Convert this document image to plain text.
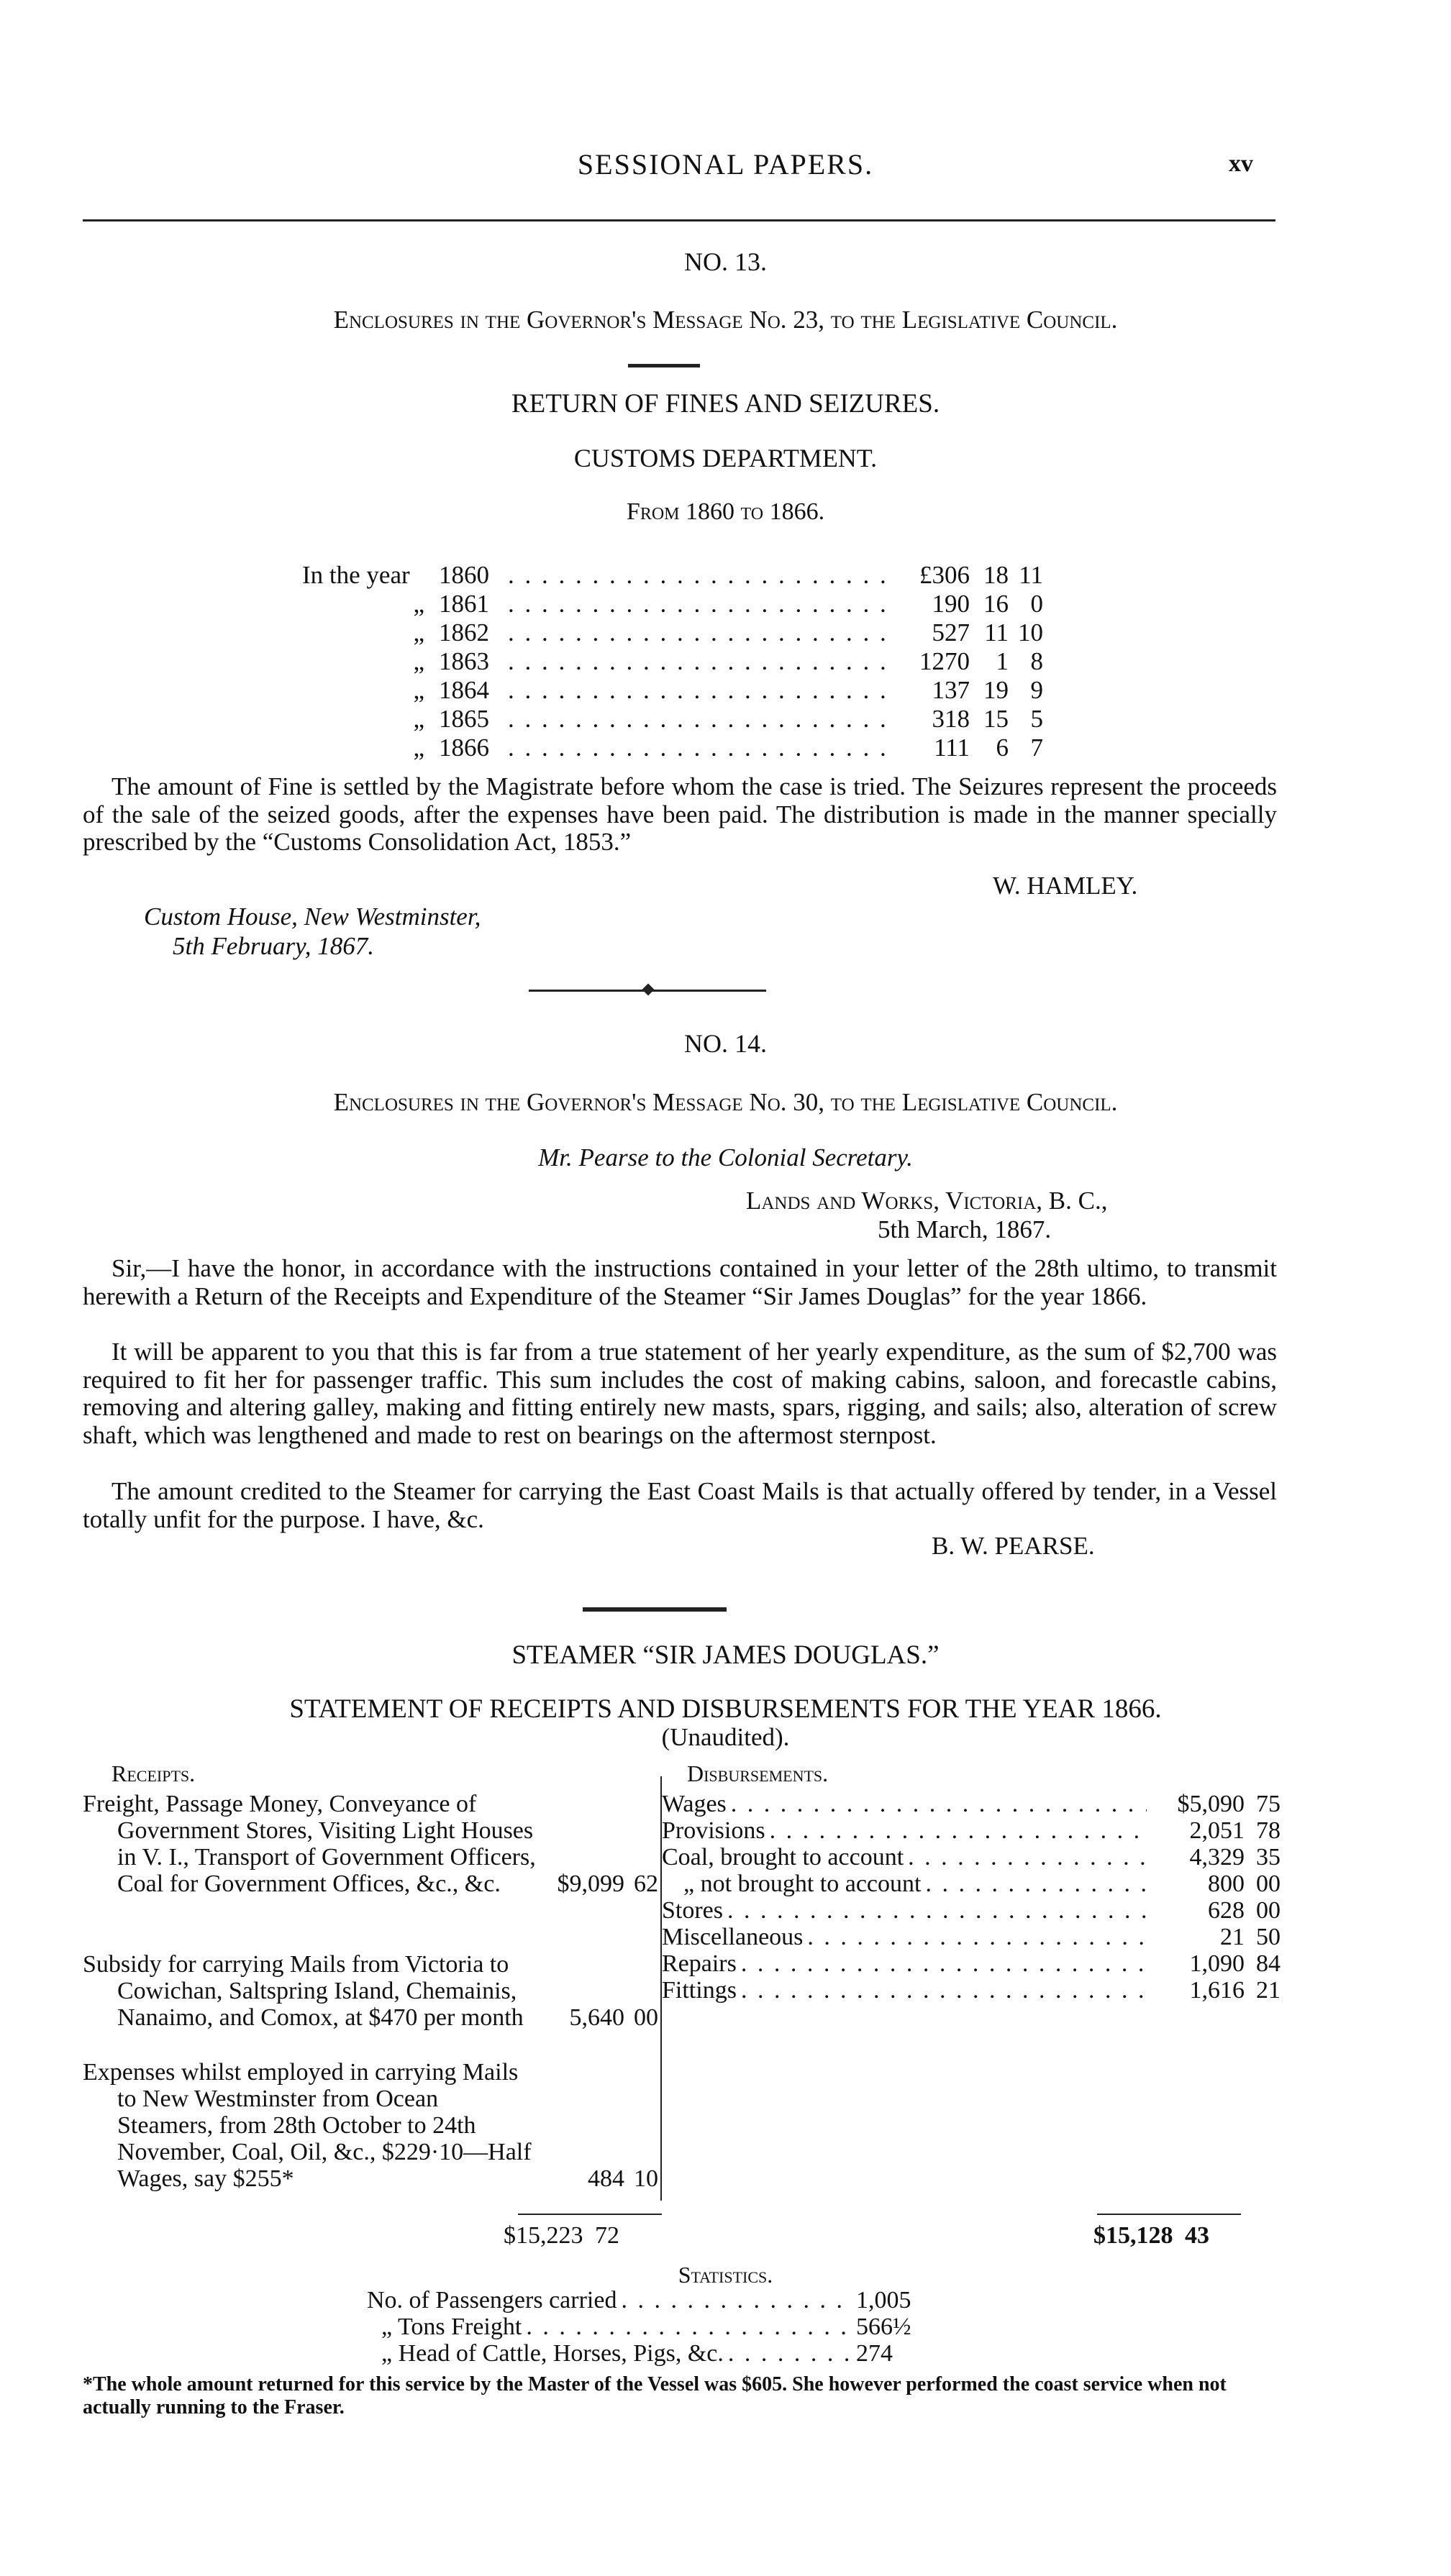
SESSIONAL PAPERS.	xv
NO. 13.
Enclosures in the Governor's Message No. 23, to the Legislative Council.
RETURN OF FINES AND SEIZURES.
CUSTOMS DEPARTMENT.
From 1860 to 1866.
In the year	1860 . . .	£306 18 11
„ 1861 . . .	190 16 0
„ 1862 . . .	527 11 10
„ 1863 . . .	1270	1 8
„ 1864 . . .	137 19 9
„ 1865 . . .	318 15 5
„ 1866 . . .	111	6 7
The amount of Fine is settled by the Magistrate before whom the case is tried. The Seizures represent the proceeds of the sale of the seized goods, after the expenses have been paid. The distribution is made in the manner specially prescribed by the “Customs Consolidation Act, 1853.”
W. HAMLEY.
Custom House, New Westminster,
5th February, 1867.
NO. 14.
Enclosures in the Governor's Message No. 30, to the Legislative Council.
Mr. Pearse to the Colonial Secretary.
Lands and Works, Victoria, B. C.,
5th March, 1867.
Sir,—I have the honor, in accordance with the instructions contained in your letter of the 28th ultimo, to transmit herewith a Return of the Receipts and Expenditure of the Steamer “Sir James Douglas” for the year 1866.
It will be apparent to you that this is far from a true statement of her yearly expenditure, as the sum of $2,700 was required to fit her for passenger traffic. This sum includes the cost of making cabins, saloon, and forecastle cabins, removing and altering galley, making and fitting entirely new masts, spars, rigging, and sails; also, alteration of screw shaft, which was lengthened and made to rest on bearings on the aftermost sternpost.
The amount credited to the Steamer for carrying the East Coast Mails is that actually offered by tender, in a Vessel totally unfit for the purpose. I have, &c.
B. W. PEARSE.
STEAMER “SIR JAMES DOUGLAS.”
STATEMENT OF RECEIPTS AND DISBURSEMENTS FOR THE YEAR 1866.
(Unaudited).
Receipts.
Freight, Passage Money, Conveyance of Government Stores, Visiting Light Houses in V. I., Transport of Government Officers, Coal for Government Offices, &c., &c.	$9,099 62
Subsidy for carrying Mails from Victoria to Cowichan, Saltspring Island, Chemainis, Nanaimo, and Comox, at $470 per month	5,640 00
Expenses whilst employed in carrying Mails to New Westminster from Ocean Steamers, from 28th October to 24th November, Coal, Oil, &c., $229·10—Half Wages, say $255*	484 10
$15,223 72
Disbursements.
Wages . . .	$5,090 75
Provisions . . .	2,051 78
Coal, brought to account . . .	4,329 35
„ not brought to account . . .	800 00
Stores . . .	628 00
Miscellaneous . . .	21 50
Repairs . . .	1,090 84
Fittings . . .	1,616 21
$15,128 43
Statistics.
No. of Passengers carried . . .	1,005
„ Tons Freight . . .	566½
„ Head of Cattle, Horses, Pigs, &c. . . .	274
*The whole amount returned for this service by the Master of the Vessel was $605. She however performed the coast service when not actually running to the Fraser.
